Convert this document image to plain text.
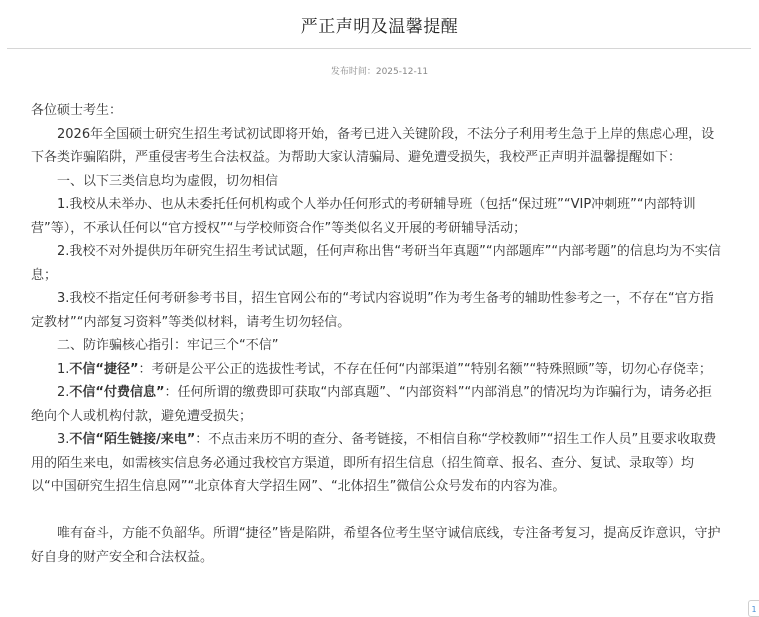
严正声明及温馨提醒
发布时间：2025-12-11

各位硕士考生：

2026年全国硕士研究生招生考试初试即将开始，备考已进入关键阶段，不法分子利用考生急于上岸的焦虑心理，设下各类诈骗陷阱，严重侵害考生合法权益。为帮助大家认清骗局、避免遭受损失，我校严正声明并温馨提醒如下：

一、以下三类信息均为虚假，切勿相信

1.我校从未举办、也从未委托任何机构或个人举办任何形式的考研辅导班（包括“保过班”“VIP冲刺班”“内部特训营”等），不承认任何以“官方授权”“与学校师资合作”等类似名义开展的考研辅导活动；

2.我校不对外提供历年研究生招生考试试题，任何声称出售“考研当年真题”“内部题库”“内部考题”的信息均为不实信息；

3.我校不指定任何考研参考书目，招生官网公布的“考试内容说明”作为考生备考的辅助性参考之一，不存在“官方指定教材”“内部复习资料”等类似材料，请考生切勿轻信。

二、防诈骗核心指引：牢记三个“不信”

1.不信“捷径”：考研是公平公正的选拔性考试，不存在任何“内部渠道”“特别名额”“特殊照顾”等，切勿心存侥幸；

2.不信“付费信息”：任何所谓的缴费即可获取“内部真题”、“内部资料”“内部消息”的情况均为诈骗行为，请务必拒绝向个人或机构付款，避免遭受损失；

3.不信“陌生链接/来电”：不点击来历不明的查分、备考链接，不相信自称“学校教师”“招生工作人员”且要求收取费用的陌生来电，如需核实信息务必通过我校官方渠道，即所有招生信息（招生简章、报名、查分、复试、录取等）均以“中国研究生招生信息网”“北京体育大学招生网”、“北体招生”微信公众号发布的内容为准。

唯有奋斗，方能不负韶华。所谓“捷径”皆是陷阱，希望各位考生坚守诚信底线，专注备考复习，提高反诈意识，守护好自身的财产安全和合法权益。

1
